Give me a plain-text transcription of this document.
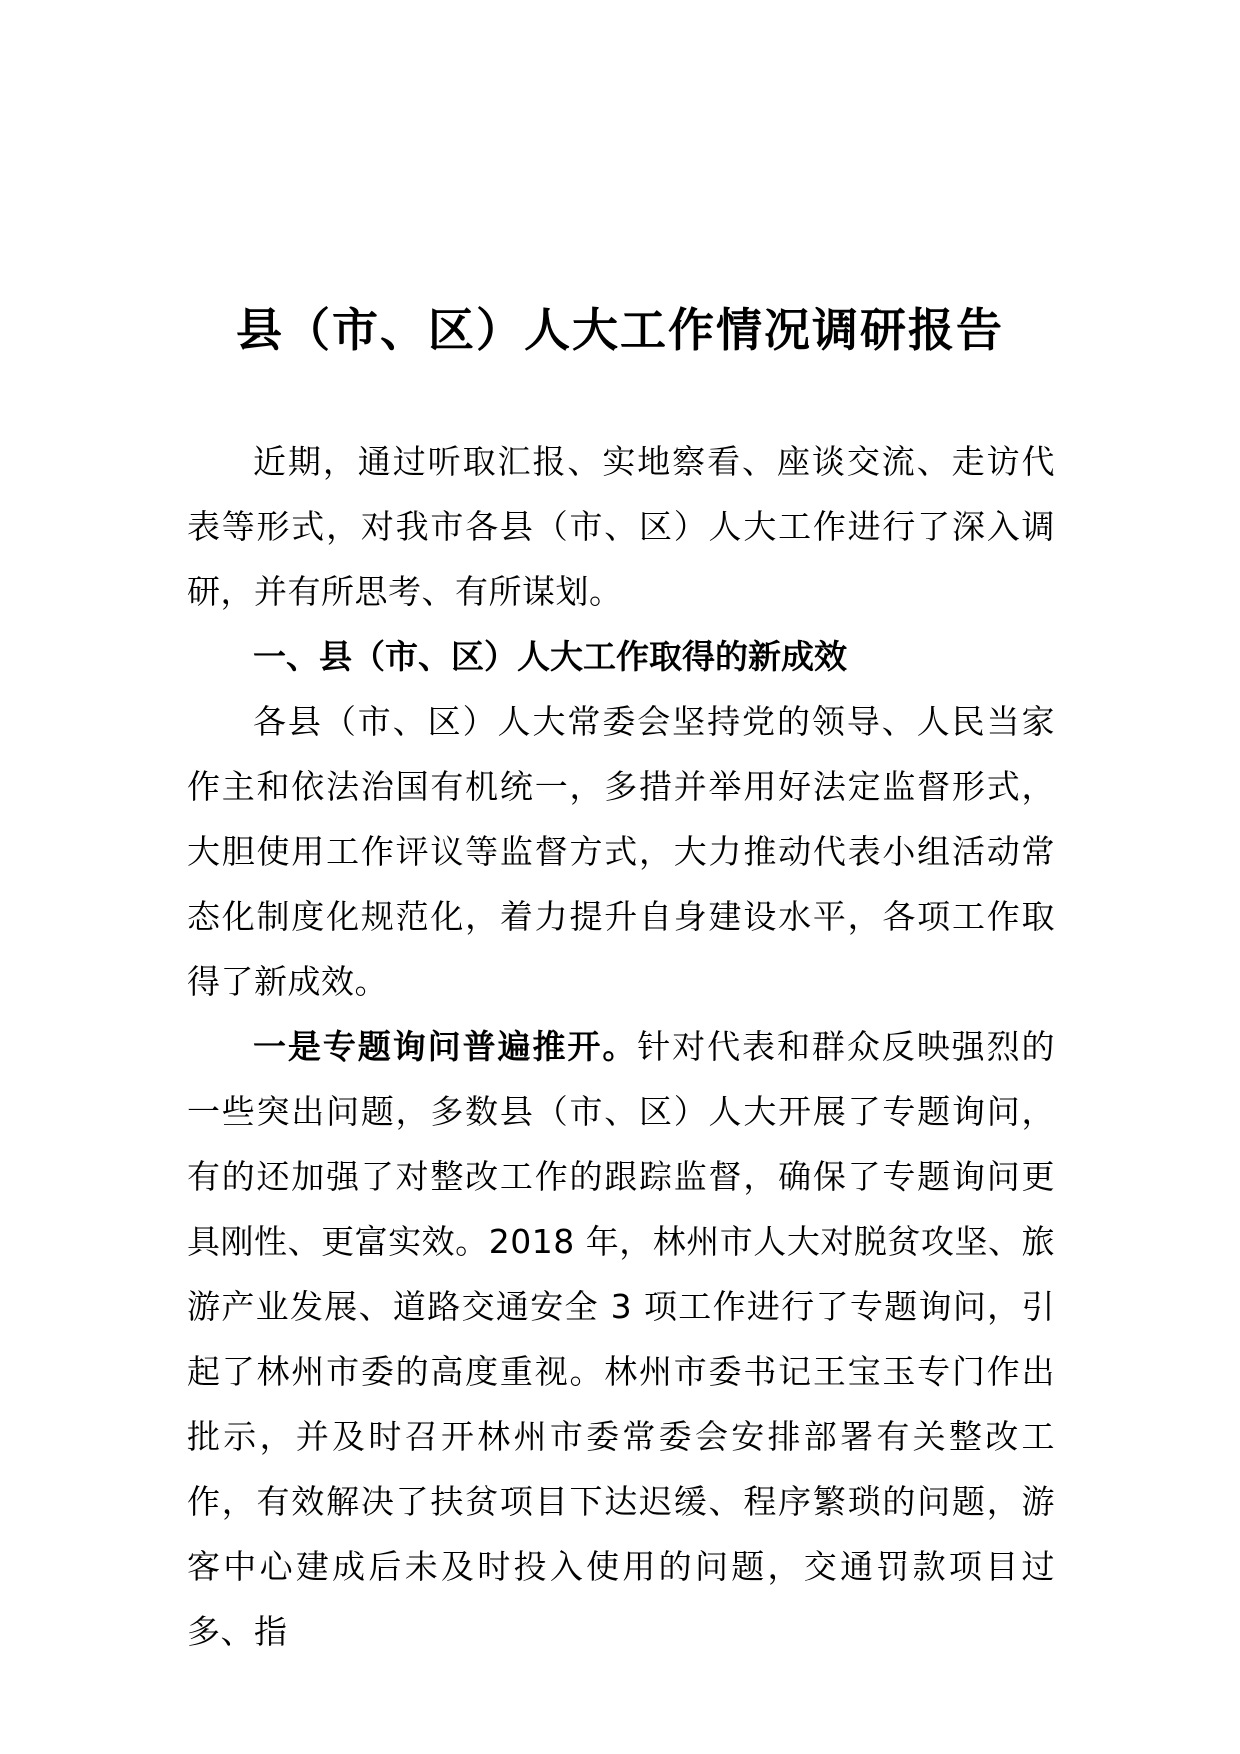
县（市、区）人大工作情况调研报告

近期，通过听取汇报、实地察看、座谈交流、走访代表等形式，对我市各县（市、区）人大工作进行了深入调研，并有所思考、有所谋划。

一、县（市、区）人大工作取得的新成效

各县（市、区）人大常委会坚持党的领导、人民当家作主和依法治国有机统一，多措并举用好法定监督形式，大胆使用工作评议等监督方式，大力推动代表小组活动常态化制度化规范化，着力提升自身建设水平，各项工作取得了新成效。

一是专题询问普遍推开。针对代表和群众反映强烈的一些突出问题，多数县（市、区）人大开展了专题询问，有的还加强了对整改工作的跟踪监督，确保了专题询问更具刚性、更富实效。2018 年，林州市人大对脱贫攻坚、旅游产业发展、道路交通安全 3 项工作进行了专题询问，引起了林州市委的高度重视。林州市委书记王宝玉专门作出批示，并及时召开林州市委常委会安排部署有关整改工作，有效解决了扶贫项目下达迟缓、程序繁琐的问题，游客中心建成后未及时投入使用的问题，交通罚款项目过多、指
